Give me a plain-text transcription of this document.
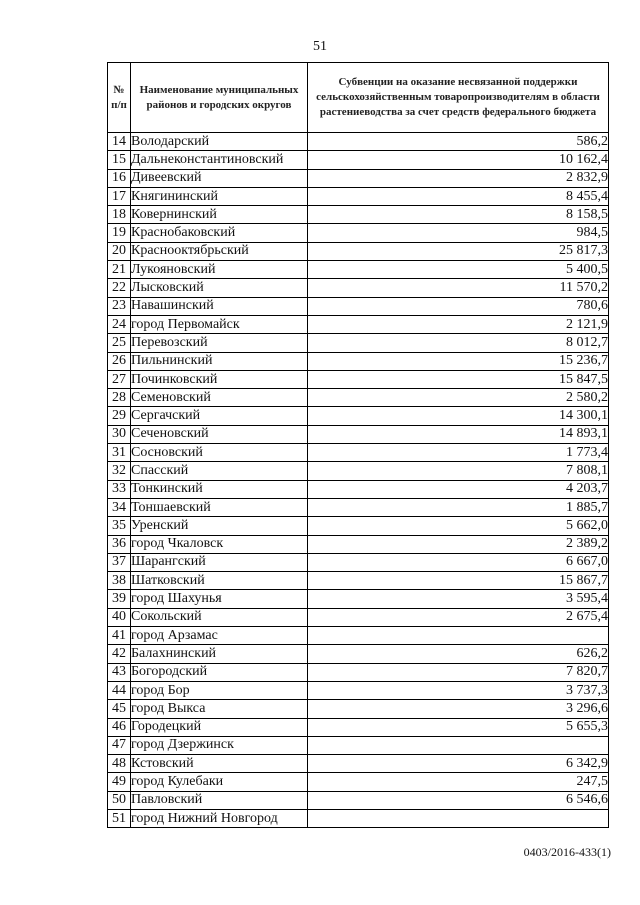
51
№ п/п	Наименование муниципальных районов и городских округов	Субвенции на оказание несвязанной поддержки сельскохозяйственным товаропроизводителям в области растениеводства за счет средств федерального бюджета
14	Володарский	586,2
15	Дальнеконстантиновский	10 162,4
16	Дивеевский	2 832,9
17	Княгининский	8 455,4
18	Ковернинский	8 158,5
19	Краснобаковский	984,5
20	Краснооктябрьский	25 817,3
21	Лукояновский	5 400,5
22	Лысковский	11 570,2
23	Навашинский	780,6
24	город Первомайск	2 121,9
25	Перевозский	8 012,7
26	Пильнинский	15 236,7
27	Починковский	15 847,5
28	Семеновский	2 580,2
29	Сергачский	14 300,1
30	Сеченовский	14 893,1
31	Сосновский	1 773,4
32	Спасский	7 808,1
33	Тонкинский	4 203,7
34	Тоншаевский	1 885,7
35	Уренский	5 662,0
36	город Чкаловск	2 389,2
37	Шарангский	6 667,0
38	Шатковский	15 867,7
39	город Шахунья	3 595,4
40	Сокольский	2 675,4
41	город Арзамас	
42	Балахнинский	626,2
43	Богородский	7 820,7
44	город Бор	3 737,3
45	город Выкса	3 296,6
46	Городецкий	5 655,3
47	город Дзержинск	
48	Кстовский	6 342,9
49	город Кулебаки	247,5
50	Павловский	6 546,6
51	город Нижний Новгород	
0403/2016-433(1)
